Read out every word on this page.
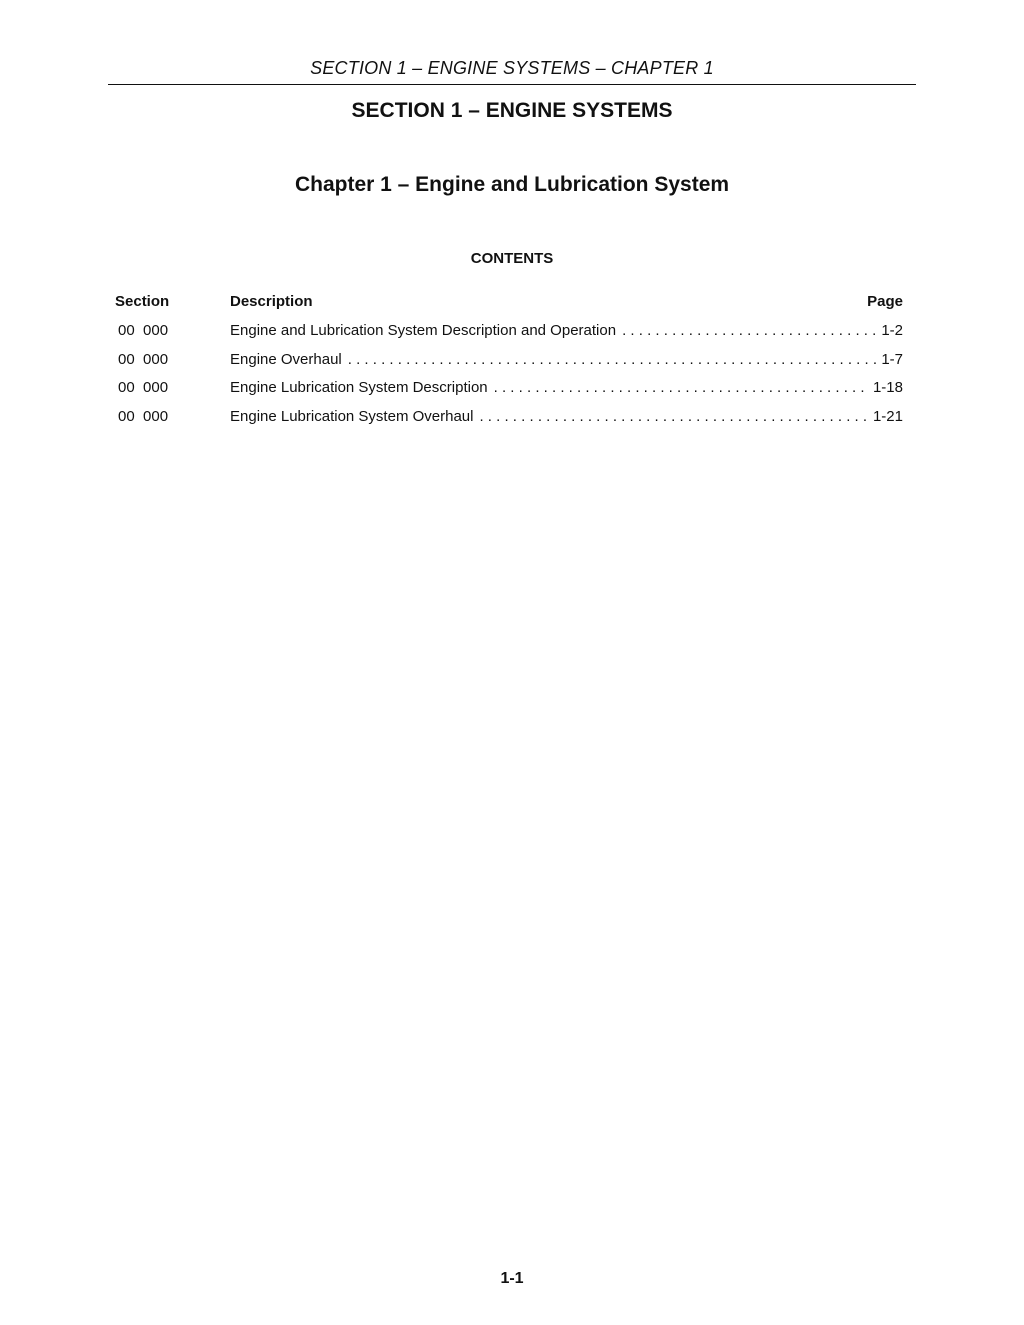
SECTION 1 – ENGINE SYSTEMS – CHAPTER 1
SECTION 1 – ENGINE SYSTEMS
Chapter 1 – Engine and Lubrication System
CONTENTS
Section	Description	Page
00  000	Engine and Lubrication System Description and Operation . . .	1-2
00  000	Engine Overhaul . . .	1-7
00  000	Engine Lubrication System Description . . .	1-18
00  000	Engine Lubrication System Overhaul . . .	1-21
1-1
